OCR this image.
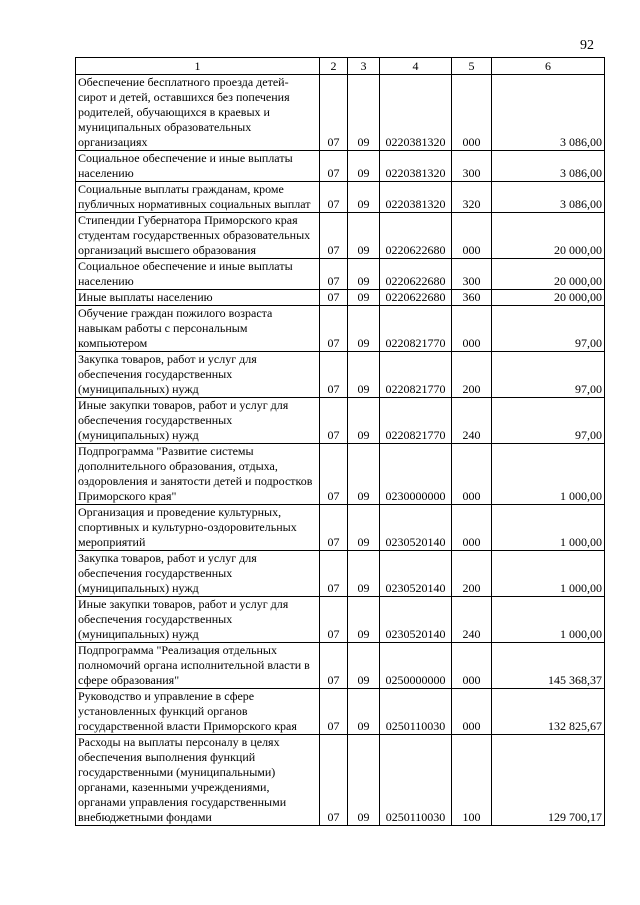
92
1	2	3	4	5	6
Обеспечение бесплатного проезда детей-сирот и детей, оставшихся без попечения родителей, обучающихся в краевых и муниципальных образовательных организациях	07	09	0220381320	000	3 086,00
Социальное обеспечение и иные выплаты населению	07	09	0220381320	300	3 086,00
Социальные выплаты гражданам, кроме публичных нормативных социальных выплат	07	09	0220381320	320	3 086,00
Стипендии Губернатора Приморского края студентам государственных образовательных организаций высшего образования	07	09	0220622680	000	20 000,00
Социальное обеспечение и иные выплаты населению	07	09	0220622680	300	20 000,00
Иные выплаты населению	07	09	0220622680	360	20 000,00
Обучение граждан пожилого возраста навыкам работы с персональным компьютером	07	09	0220821770	000	97,00
Закупка товаров, работ и услуг для обеспечения государственных (муниципальных) нужд	07	09	0220821770	200	97,00
Иные закупки товаров, работ и услуг для обеспечения государственных (муниципальных) нужд	07	09	0220821770	240	97,00
Подпрограмма "Развитие системы дополнительного образования, отдыха, оздоровления и занятости детей и подростков Приморского края"	07	09	0230000000	000	1 000,00
Организация и проведение культурных, спортивных и культурно-оздоровительных мероприятий	07	09	0230520140	000	1 000,00
Закупка товаров, работ и услуг для обеспечения государственных (муниципальных) нужд	07	09	0230520140	200	1 000,00
Иные закупки товаров, работ и услуг для обеспечения государственных (муниципальных) нужд	07	09	0230520140	240	1 000,00
Подпрограмма "Реализация отдельных полномочий органа исполнительной власти в сфере образования"	07	09	0250000000	000	145 368,37
Руководство и управление в сфере установленных функций органов государственной власти Приморского края	07	09	0250110030	000	132 825,67
Расходы на выплаты персоналу в целях обеспечения выполнения функций государственными (муниципальными) органами, казенными учреждениями, органами управления государственными внебюджетными фондами	07	09	0250110030	100	129 700,17
